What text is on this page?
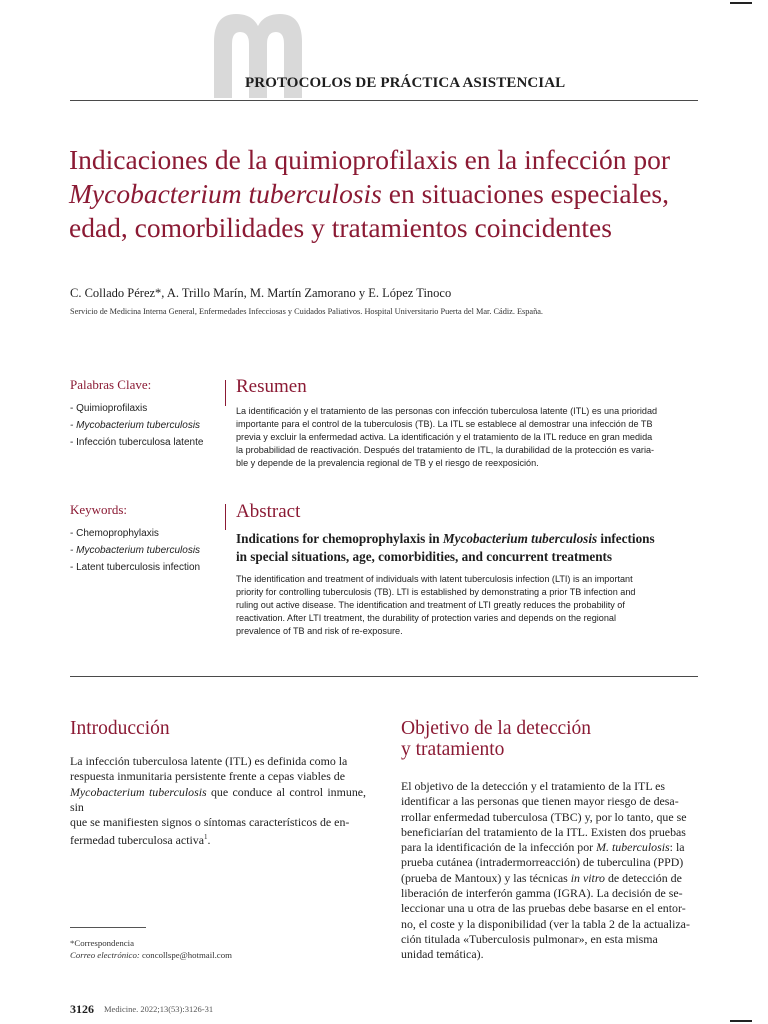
PROTOCOLOS DE PRÁCTICA ASISTENCIAL
Indicaciones de la quimioprofilaxis en la infección por Mycobacterium tuberculosis en situaciones especiales, edad, comorbilidades y tratamientos coincidentes
C. Collado Pérez*, A. Trillo Marín, M. Martín Zamorano y E. López Tinoco
Servicio de Medicina Interna General, Enfermedades Infecciosas y Cuidados Paliativos. Hospital Universitario Puerta del Mar. Cádiz. España.
Palabras Clave:
- Quimioprofilaxis
- Mycobacterium tuberculosis
- Infección tuberculosa latente
Keywords:
- Chemoprophylaxis
- Mycobacterium tuberculosis
- Latent tuberculosis infection
Resumen
La identificación y el tratamiento de las personas con infección tuberculosa latente (ITL) es una prioridad
importante para el control de la tuberculosis (TB). La ITL se establece al demostrar una infección de TB
previa y excluir la enfermedad activa. La identificación y el tratamiento de la ITL reduce en gran medida
la probabilidad de reactivación. Después del tratamiento de ITL, la durabilidad de la protección es varia-
ble y depende de la prevalencia regional de TB y el riesgo de reexposición.
Abstract
Indications for chemoprophylaxis in Mycobacterium tuberculosis infections
in special situations, age, comorbidities, and concurrent treatments
The identification and treatment of individuals with latent tuberculosis infection (LTI) is an important
priority for controlling tuberculosis (TB). LTI is established by demonstrating a prior TB infection and
ruling out active disease. The identification and treatment of LTI greatly reduces the probability of
reactivation. After LTI treatment, the durability of protection varies and depends on the regional
prevalence of TB and risk of re-exposure.
Introducción
La infección tuberculosa latente (ITL) es definida como la
respuesta inmunitaria persistente frente a cepas viables de
Mycobacterium tuberculosis que conduce al control inmune, sin
que se manifiesten signos o síntomas característicos de en-
fermedad tuberculosa activa$^1$.
Objetivo de la detección
y tratamiento
El objetivo de la detección y el tratamiento de la ITL es
identificar a las personas que tienen mayor riesgo de desa-
rrollar enfermedad tuberculosa (TBC) y, por lo tanto, que se
beneficiarían del tratamiento de la ITL. Existen dos pruebas
para la identificación de la infección por M. tuberculosis: la
prueba cutánea (intradermorreacción) de tuberculina (PPD)
(prueba de Mantoux) y las técnicas in vitro de detección de
liberación de interferón gamma (IGRA). La decisión de se-
leccionar una u otra de las pruebas debe basarse en el entor-
no, el coste y la disponibilidad (ver la tabla 2 de la actualiza-
ción titulada «Tuberculosis pulmonar», en esta misma
unidad temática).
*Correspondencia
Correo electrónico: concollspe@hotmail.com
3126 Medicine. 2022;13(53):3126-31
